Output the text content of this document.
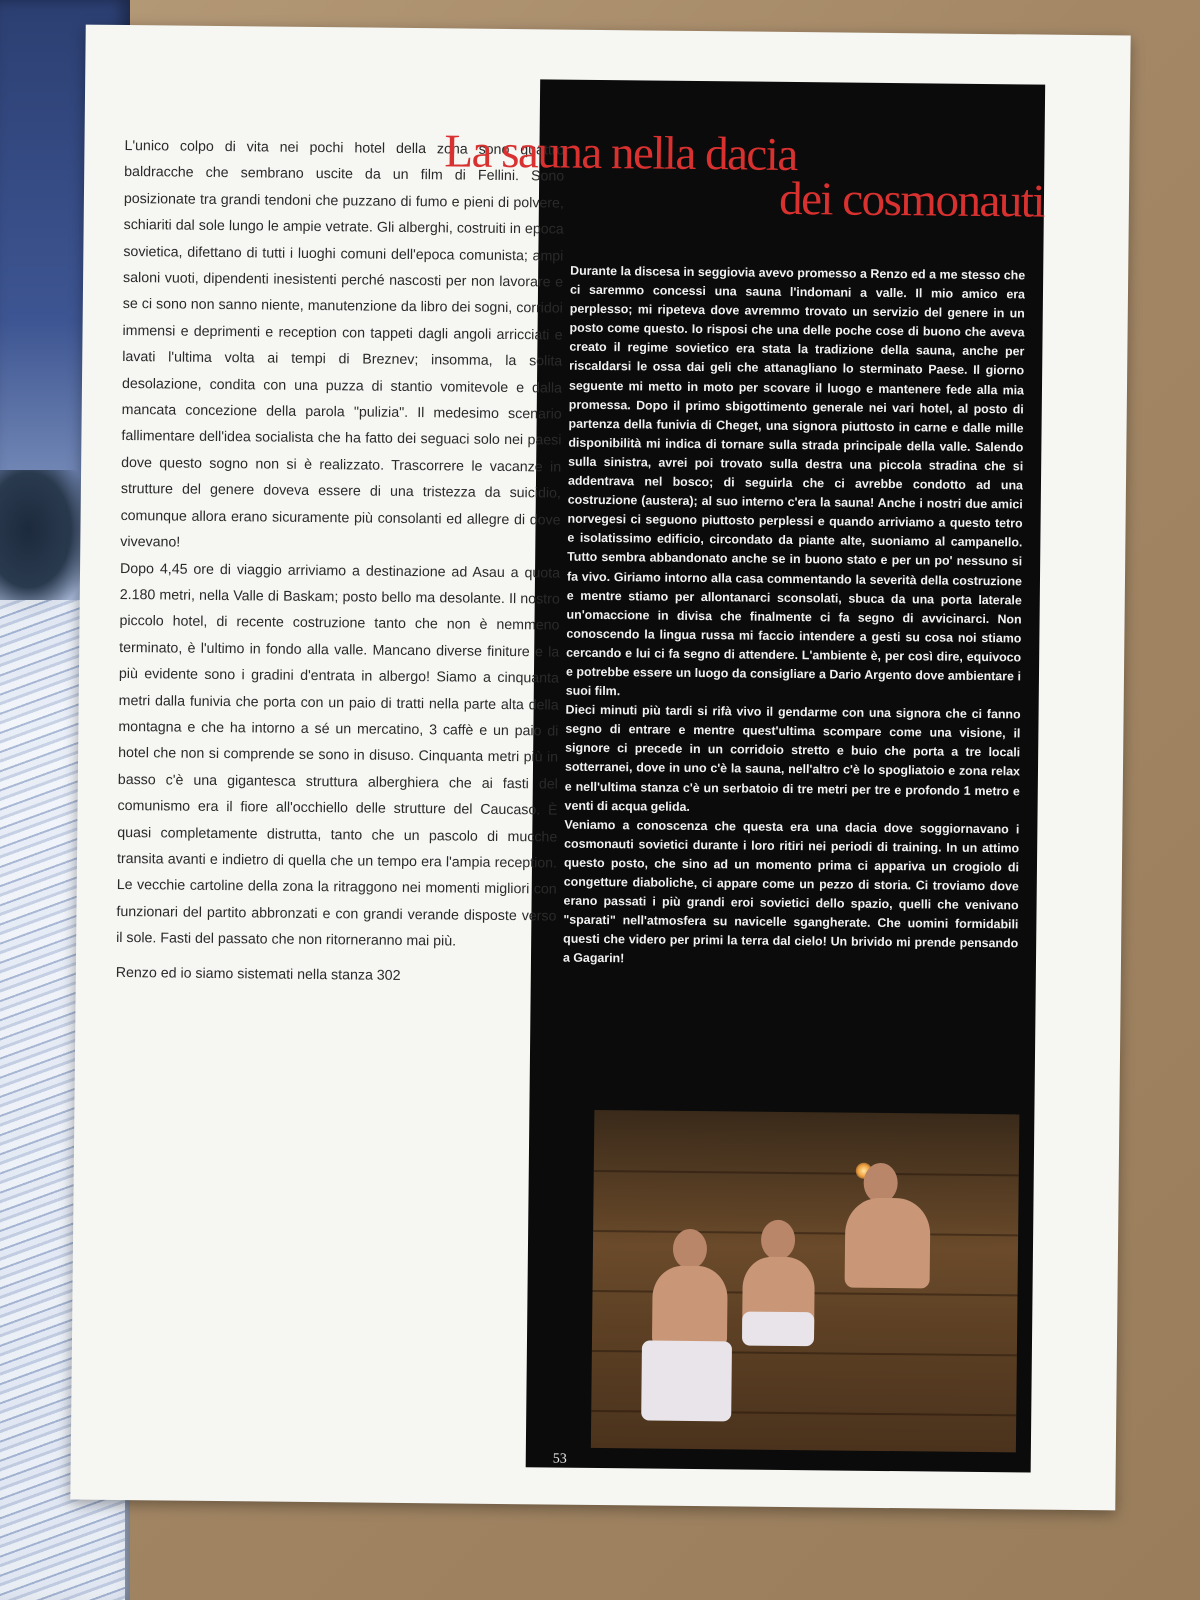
L'unico colpo di vita nei pochi hotel della zona sono quattro baldracche che sembrano uscite da un film di Fellini. Sono posizionate tra grandi tendoni che puzzano di fumo e pieni di polvere, schiariti dal sole lungo le ampie vetrate. Gli alberghi, costruiti in epoca sovietica, difettano di tutti i luoghi comuni dell'epoca comunista; ampi saloni vuoti, dipendenti inesistenti perché nascosti per non lavorare e se ci sono non sanno niente, manutenzione da libro dei sogni, corridoi immensi e deprimenti e reception con tappeti dagli angoli arricciati e lavati l'ultima volta ai tempi di Breznev; insomma, la solita desolazione, condita con una puzza di stantio vomitevole e dalla mancata concezione della parola "pulizia". Il medesimo scenario fallimentare dell'idea socialista che ha fatto dei seguaci solo nei paesi dove questo sogno non si è realizzato. Trascorrere le vacanze in strutture del genere doveva essere di una tristezza da suicidio, comunque allora erano sicuramente più consolanti ed allegre di dove vivevano!

Dopo 4,45 ore di viaggio arriviamo a destinazione ad Asau a quota 2.180 metri, nella Valle di Baskam; posto bello ma desolante. Il nostro piccolo hotel, di recente costruzione tanto che non è nemmeno terminato, è l'ultimo in fondo alla valle. Mancano diverse finiture e la più evidente sono i gradini d'entrata in albergo! Siamo a cinquanta metri dalla funivia che porta con un paio di tratti nella parte alta della montagna e che ha intorno a sé un mercatino, 3 caffè e un paio di hotel che non si comprende se sono in disuso. Cinquanta metri più in basso c'è una gigantesca struttura alberghiera che ai fasti del comunismo era il fiore all'occhiello delle strutture del Caucaso. È quasi completamente distrutta, tanto che un pascolo di mucche transita avanti e indietro di quella che un tempo era l'ampia reception. Le vecchie cartoline della zona la ritraggono nei momenti migliori con funzionari del partito abbronzati e con grandi verande disposte verso il sole. Fasti del passato che non ritorneranno mai più.

Renzo ed io siamo sistemati nella stanza 302

La sauna nella dacia
dei cosmonauti

Durante la discesa in seggiovia avevo promesso a Renzo ed a me stesso che ci saremmo concessi una sauna l'indomani a valle. Il mio amico era perplesso; mi ripeteva dove avremmo trovato un servizio del genere in un posto come questo. Io risposi che una delle poche cose di buono che aveva creato il regime sovietico era stata la tradizione della sauna, anche per riscaldarsi le ossa dai geli che attanagliano lo sterminato Paese. Il giorno seguente mi metto in moto per scovare il luogo e mantenere fede alla mia promessa. Dopo il primo sbigottimento generale nei vari hotel, al posto di partenza della funivia di Cheget, una signora piuttosto in carne e dalle mille disponibilità mi indica di tornare sulla strada principale della valle. Salendo sulla sinistra, avrei poi trovato sulla destra una piccola stradina che si addentrava nel bosco; di seguirla che ci avrebbe condotto ad una costruzione (austera); al suo interno c'era la sauna! Anche i nostri due amici norvegesi ci seguono piuttosto perplessi e quando arriviamo a questo tetro e isolatissimo edificio, circondato da piante alte, suoniamo al campanello. Tutto sembra abbandonato anche se in buono stato e per un po' nessuno si fa vivo. Giriamo intorno alla casa commentando la severità della costruzione e mentre stiamo per allontanarci sconsolati, sbuca da una porta laterale un'omaccione in divisa che finalmente ci fa segno di avvicinarci. Non conoscendo la lingua russa mi faccio intendere a gesti su cosa noi stiamo cercando e lui ci fa segno di attendere. L'ambiente è, per così dire, equivoco e potrebbe essere un luogo da consigliare a Dario Argento dove ambientare i suoi film.

Dieci minuti più tardi si rifà vivo il gendarme con una signora che ci fanno segno di entrare e mentre quest'ultima scompare come una visione, il signore ci precede in un corridoio stretto e buio che porta a tre locali sotterranei, dove in uno c'è la sauna, nell'altro c'è lo spogliatoio e zona relax e nell'ultima stanza c'è un serbatoio di tre metri per tre e profondo 1 metro e venti di acqua gelida.

Veniamo a conoscenza che questa era una dacia dove soggiornavano i cosmonauti sovietici durante i loro ritiri nei periodi di training. In un attimo questo posto, che sino ad un momento prima ci appariva un crogiolo di congetture diaboliche, ci appare come un pezzo di storia. Ci troviamo dove erano passati i più grandi eroi sovietici dello spazio, quelli che venivano "sparati" nell'atmosfera su navicelle sgangherate. Che uomini formidabili questi che videro per primi la terra dal cielo! Un brivido mi prende pensando a Gagarin!

53
